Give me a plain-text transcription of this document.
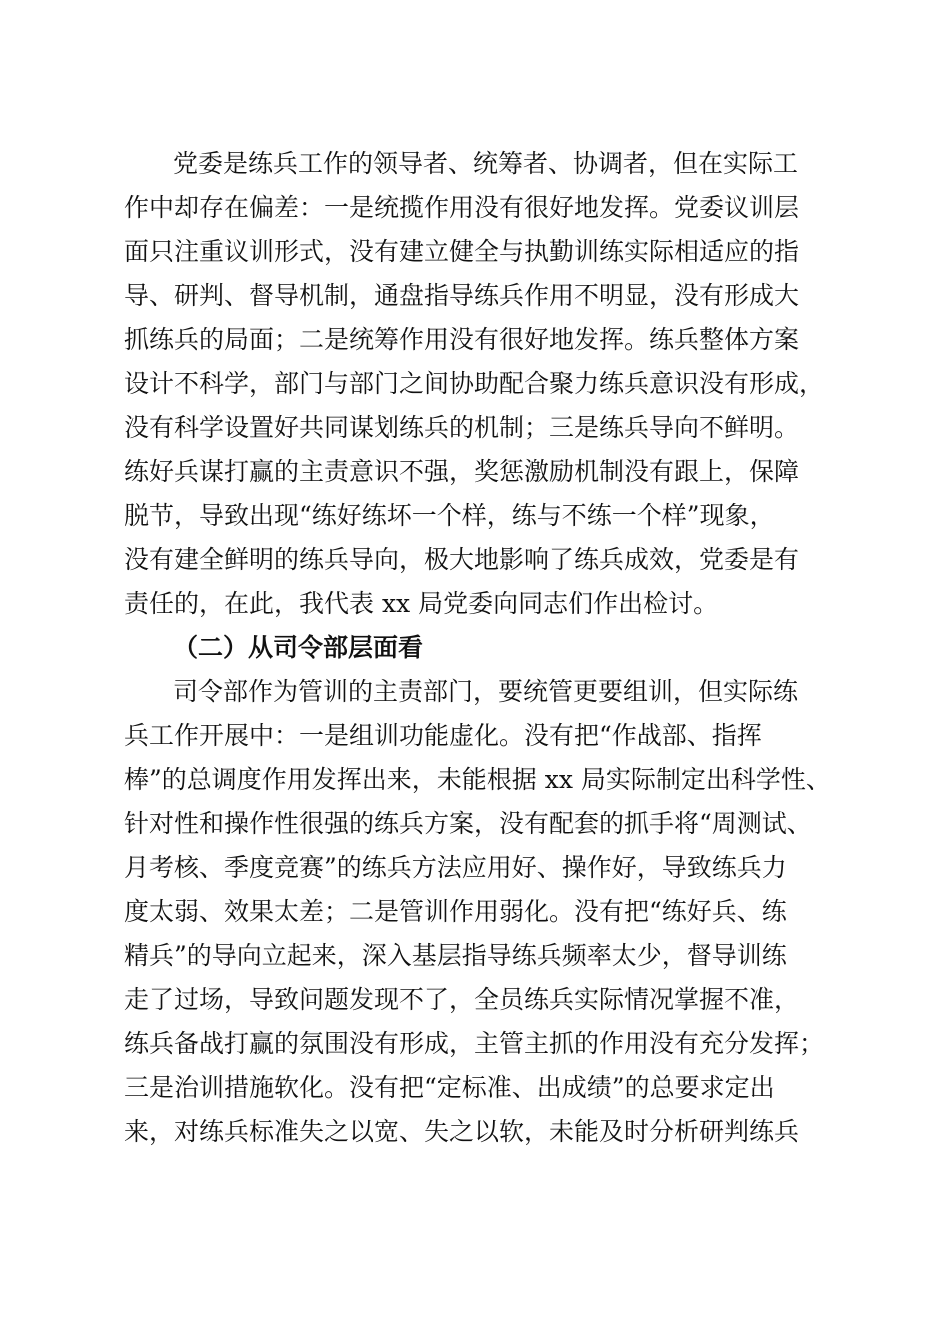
党委是练兵工作的领导者、统筹者、协调者，但在实际工

作中却存在偏差：一是统揽作用没有很好地发挥。党委议训层

面只注重议训形式，没有建立健全与执勤训练实际相适应的指

导、研判、督导机制，通盘指导练兵作用不明显，没有形成大

抓练兵的局面；二是统筹作用没有很好地发挥。练兵整体方案

设计不科学，部门与部门之间协助配合聚力练兵意识没有形成，

没有科学设置好共同谋划练兵的机制；三是练兵导向不鲜明。

练好兵谋打赢的主责意识不强，奖惩激励机制没有跟上，保障

脱节，导致出现“练好练坏一个样，练与不练一个样”现象，

没有建全鲜明的练兵导向，极大地影响了练兵成效，党委是有

责任的，在此，我代表 xx 局党委向同志们作出检讨。

（二）从司令部层面看

司令部作为管训的主责部门，要统管更要组训，但实际练

兵工作开展中：一是组训功能虚化。没有把“作战部、指挥

棒”的总调度作用发挥出来，未能根据 xx 局实际制定出科学性、

针对性和操作性很强的练兵方案，没有配套的抓手将“周测试、

月考核、季度竞赛”的练兵方法应用好、操作好，导致练兵力

度太弱、效果太差；二是管训作用弱化。没有把“练好兵、练

精兵”的导向立起来，深入基层指导练兵频率太少，督导训练

走了过场，导致问题发现不了，全员练兵实际情况掌握不准，

练兵备战打赢的氛围没有形成，主管主抓的作用没有充分发挥；

三是治训措施软化。没有把“定标准、出成绩”的总要求定出

来，对练兵标准失之以宽、失之以软，未能及时分析研判练兵
